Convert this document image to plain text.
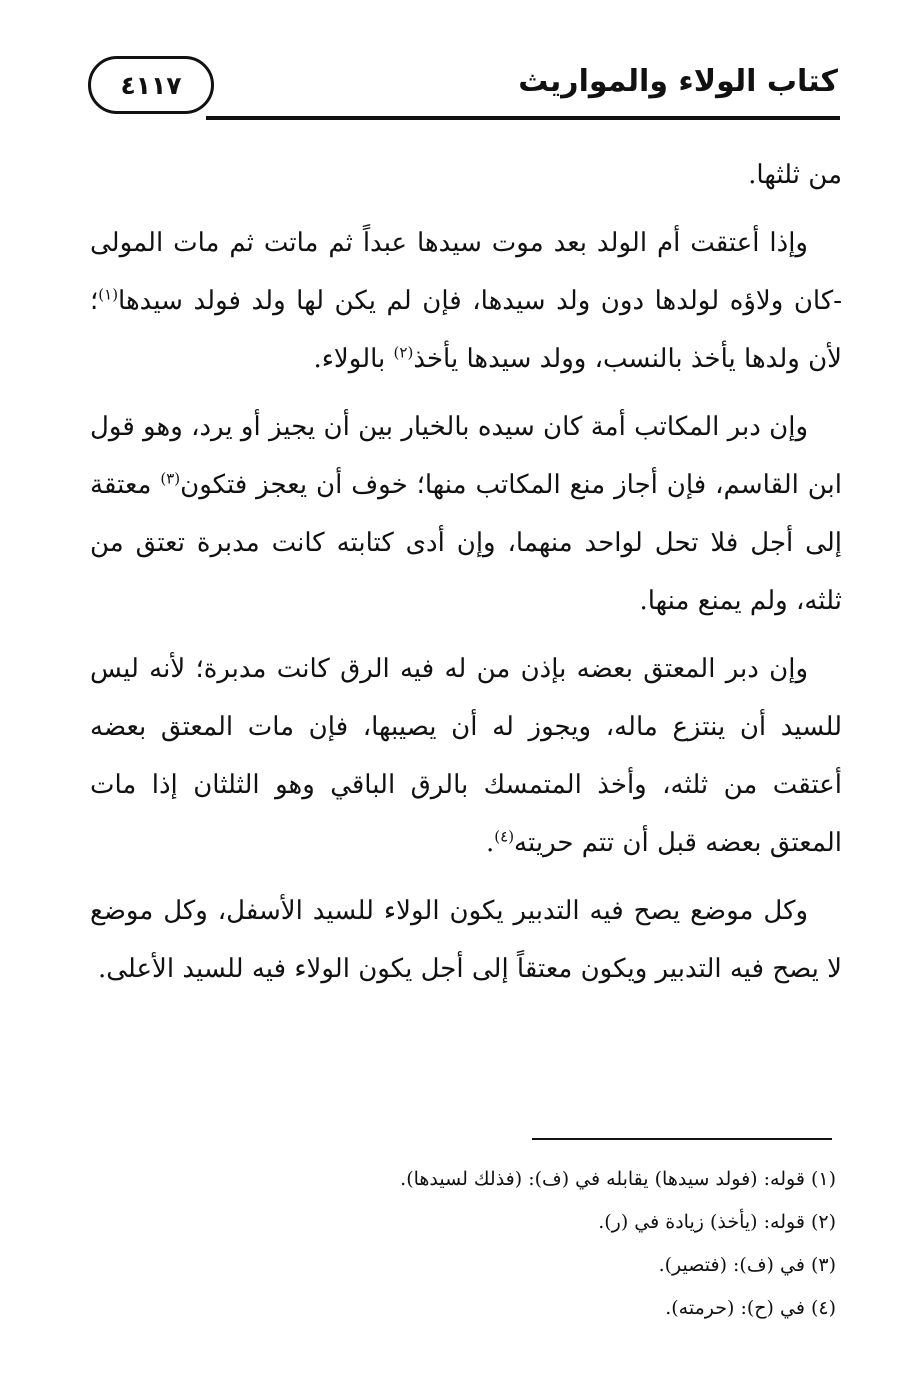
٤١١٧	كتاب الولاء والمواريث

من ثلثها.

وإذا أعتقت أم الولد بعد موت سيدها عبداً ثم ماتت ثم مات المولى -كان ولاؤه لولدها دون ولد سيدها، فإن لم يكن لها ولد فولد سيدها$^{(١)}$؛ لأن ولدها يأخذ بالنسب، وولد سيدها يأخذ$^{(٢)}$ بالولاء.

وإن دبر المكاتب أمة كان سيده بالخيار بين أن يجيز أو يرد، وهو قول ابن القاسم، فإن أجاز منع المكاتب منها؛ خوف أن يعجز فتكون$^{(٣)}$ معتقة إلى أجل فلا تحل لواحد منهما، وإن أدى كتابته كانت مدبرة تعتق من ثلثه، ولم يمنع منها.

وإن دبر المعتق بعضه بإذن من له فيه الرق كانت مدبرة؛ لأنه ليس للسيد أن ينتزع ماله، ويجوز له أن يصيبها، فإن مات المعتق بعضه أعتقت من ثلثه، وأخذ المتمسك بالرق الباقي وهو الثلثان إذا مات المعتق بعضه قبل أن تتم حريته$^{(٤)}$.

وكل موضع يصح فيه التدبير يكون الولاء للسيد الأسفل، وكل موضع لا يصح فيه التدبير ويكون معتقاً إلى أجل يكون الولاء فيه للسيد الأعلى.

(١) قوله: (فولد سيدها) يقابله في (ف): (فذلك لسيدها).

(٢) قوله: (يأخذ) زيادة في (ر).

(٣) في (ف): (فتصير).

(٤) في (ح): (حرمته).
